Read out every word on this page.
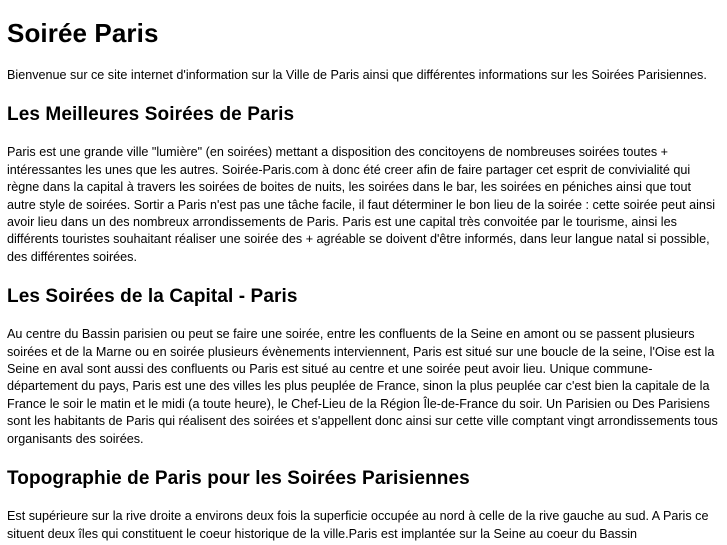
Soirée Paris

Bienvenue sur ce site internet d'information sur la Ville de Paris ainsi que différentes informations sur les Soirées Parisiennes.

Les Meilleures Soirées de Paris

Paris est une grande ville "lumière" (en soirées) mettant a disposition des concitoyens de nombreuses soirées toutes + intéressantes les unes que les autres. Soirée-Paris.com à donc été creer afin de faire partager cet esprit de convivialité qui règne dans la capital à travers les soirées de boites de nuits, les soirées dans le bar, les soirées en péniches ainsi que tout autre style de soirées. Sortir a Paris n'est pas une tâche facile, il faut déterminer le bon lieu de la soirée : cette soirée peut ainsi avoir lieu dans un des nombreux arrondissements de Paris. Paris est une capital très convoitée par le tourisme, ainsi les différents touristes souhaitant réaliser une soirée des + agréable se doivent d'être informés, dans leur langue natal si possible, des différentes soirées.

Les Soirées de la Capital - Paris

Au centre du Bassin parisien ou peut se faire une soirée, entre les confluents de la Seine en amont ou se passent plusieurs soirées et de la Marne ou en soirée plusieurs évènements interviennent, Paris est situé sur une boucle de la seine, l'Oise est la Seine en aval sont aussi des confluents ou Paris est situé au centre et une soirée peut avoir lieu. Unique commune-département du pays, Paris est une des villes les plus peuplée de France, sinon la plus peuplée car c'est bien la capitale de la France le soir le matin et le midi (a toute heure), le Chef-Lieu de la Région Île-de-France du soir. Un Parisien ou Des Parisiens sont les habitants de Paris qui réalisent des soirées et s'appellent donc ainsi sur cette ville comptant vingt arrondissements tous organisants des soirées.

Topographie de Paris pour les Soirées Parisiennes

Est supérieure sur la rive droite a environs deux fois la superficie occupée au nord à celle de la rive gauche au sud. A Paris ce situent deux îles qui constituent le coeur historique de la ville.Paris est implantée sur la Seine au coeur du Bassin
